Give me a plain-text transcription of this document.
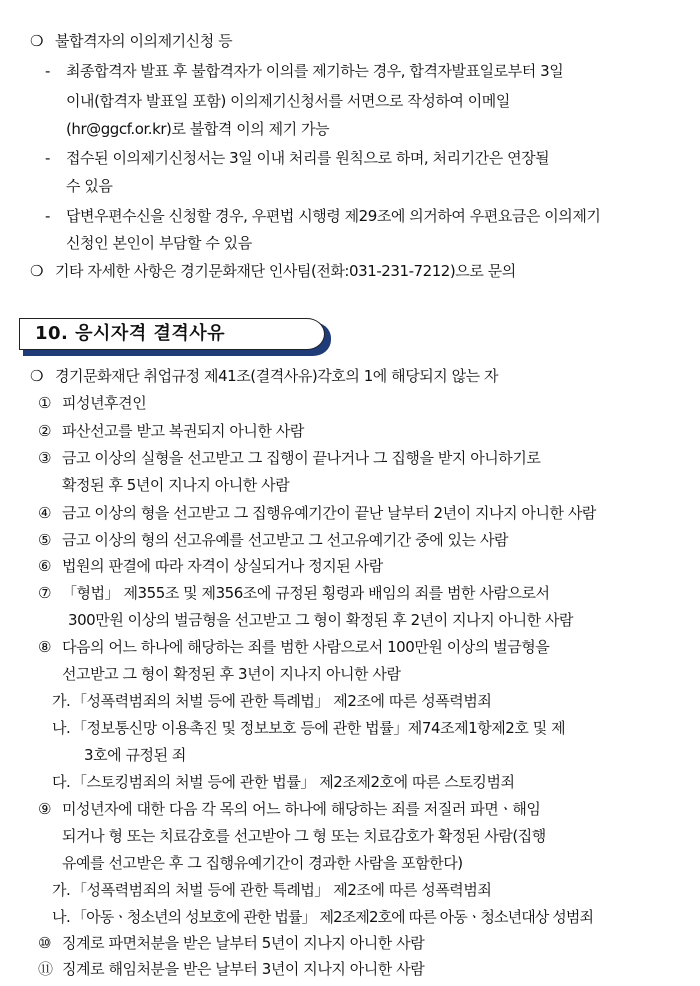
❍ 불합격자의 이의제기신청 등
- 최종합격자 발표 후 불합격자가 이의를 제기하는 경우, 합격자발표일로부터 3일
이내(합격자 발표일 포함) 이의제기신청서를 서면으로 작성하여 이메일
(hr@ggcf.or.kr)로 불합격 이의 제기 가능
- 접수된 이의제기신청서는 3일 이내 처리를 원칙으로 하며, 처리기간은 연장될
수 있음
- 답변우편수신을 신청할 경우, 우편법 시행령 제29조에 의거하여 우편요금은 이의제기
신청인 본인이 부담할 수 있음
❍ 기타 자세한 사항은 경기문화재단 인사팀(전화:031-231-7212)으로 문의
10. 응시자격 결격사유
❍ 경기문화재단 취업규정 제41조(결격사유)각호의 1에 해당되지 않는 자
① 피성년후견인
② 파산선고를 받고 복권되지 아니한 사람
③ 금고 이상의 실형을 선고받고 그 집행이 끝나거나 그 집행을 받지 아니하기로
확정된 후 5년이 지나지 아니한 사람
④ 금고 이상의 형을 선고받고 그 집행유예기간이 끝난 날부터 2년이 지나지 아니한 사람
⑤ 금고 이상의 형의 선고유예를 선고받고 그 선고유예기간 중에 있는 사람
⑥ 법원의 판결에 따라 자격이 상실되거나 정지된 사람
⑦ 「형법」 제355조 및 제356조에 규정된 횡령과 배임의 죄를 범한 사람으로서
300만원 이상의 벌금형을 선고받고 그 형이 확정된 후 2년이 지나지 아니한 사람
⑧ 다음의 어느 하나에 해당하는 죄를 범한 사람으로서 100만원 이상의 벌금형을
선고받고 그 형이 확정된 후 3년이 지나지 아니한 사람
가. 「성폭력범죄의 처벌 등에 관한 특례법」 제2조에 따른 성폭력범죄
나. 「정보통신망 이용촉진 및 정보보호 등에 관한 법률」제74조제1항제2호 및 제
3호에 규정된 죄
다. 「스토킹범죄의 처벌 등에 관한 법률」 제2조제2호에 따른 스토킹범죄
⑨ 미성년자에 대한 다음 각 목의 어느 하나에 해당하는 죄를 저질러 파면ㆍ해임
되거나 형 또는 치료감호를 선고받아 그 형 또는 치료감호가 확정된 사람(집행
유예를 선고받은 후 그 집행유예기간이 경과한 사람을 포함한다)
가. 「성폭력범죄의 처벌 등에 관한 특례법」 제2조에 따른 성폭력범죄
나. 「아동ㆍ청소년의 성보호에 관한 법률」 제2조제2호에 따른 아동ㆍ청소년대상 성범죄
⑩ 징계로 파면처분을 받은 날부터 5년이 지나지 아니한 사람
⑪ 징계로 해임처분을 받은 날부터 3년이 지나지 아니한 사람
